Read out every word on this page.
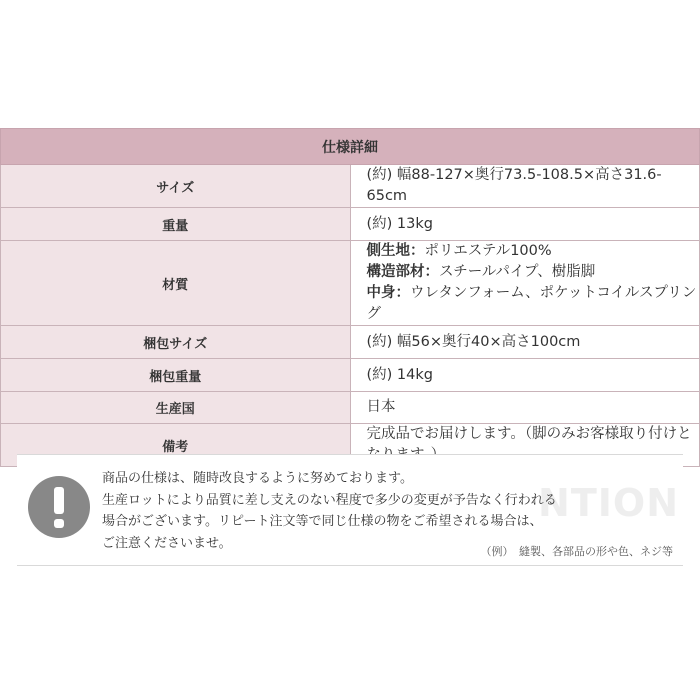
仕様詳細	
サイズ	(約) 幅88-127×奥行73.5-108.5×高さ31.6-65cm
重量	(約) 13kg
材質	側生地：ポリエステル100%
構造部材：スチールパイプ、樹脂脚
中身：ウレタンフォーム、ポケットコイルスプリング

梱包サイズ	(約) 幅56×奥行40×高さ100cm
梱包重量	(約) 14kg
生産国	日本
備考	完成品でお届けします。（脚のみお客様取り付けと
NTION
商品の仕様は、随時改良するように努めております。
生産ロットにより品質に差し支えのない程度で多少の変更が予告なく行われる
場合がございます。リピート注文等で同じ仕様の物をご希望される場合は、
ご注意くださいませ。
（例）　縫製、各部品の形や色、ネジ等
